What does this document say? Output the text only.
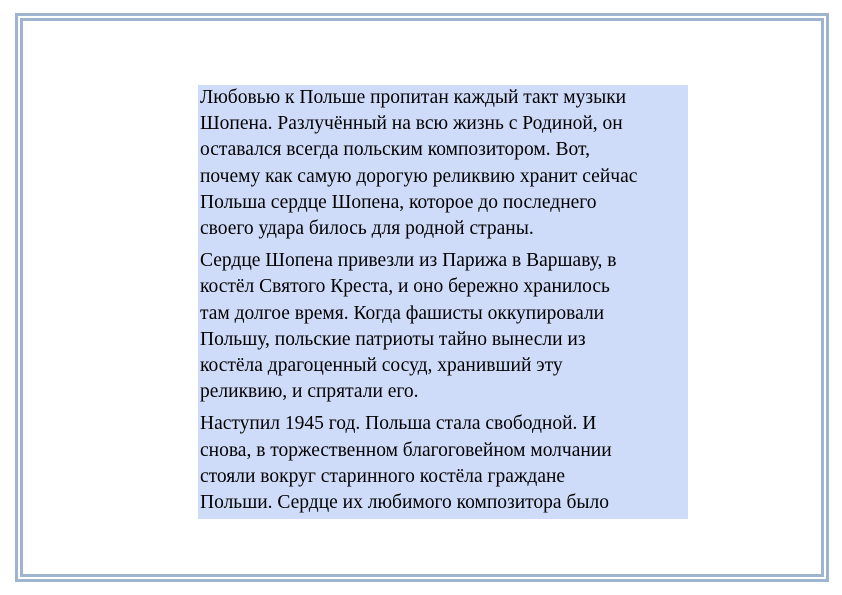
Любовью к Польше пропитан каждый такт музыки
Шопена. Разлучённый на всю жизнь с Родиной, он
оставался всегда польским композитором. Вот,
почему как самую дорогую реликвию хранит сейчас
Польша сердце Шопена, которое до последнего
своего удара билось для родной страны.

Сердце Шопена привезли из Парижа в Варшаву, в
костёл Святого Креста, и оно бережно хранилось
там долгое время. Когда фашисты оккупировали
Польшу, польские патриоты тайно вынесли из
костёла драгоценный сосуд, хранивший эту
реликвию, и спрятали его.

Наступил 1945 год. Польша стала свободной. И
снова, в торжественном благоговейном молчании
стояли вокруг старинного костёла граждане
Польши. Сердце их любимого композитора было
